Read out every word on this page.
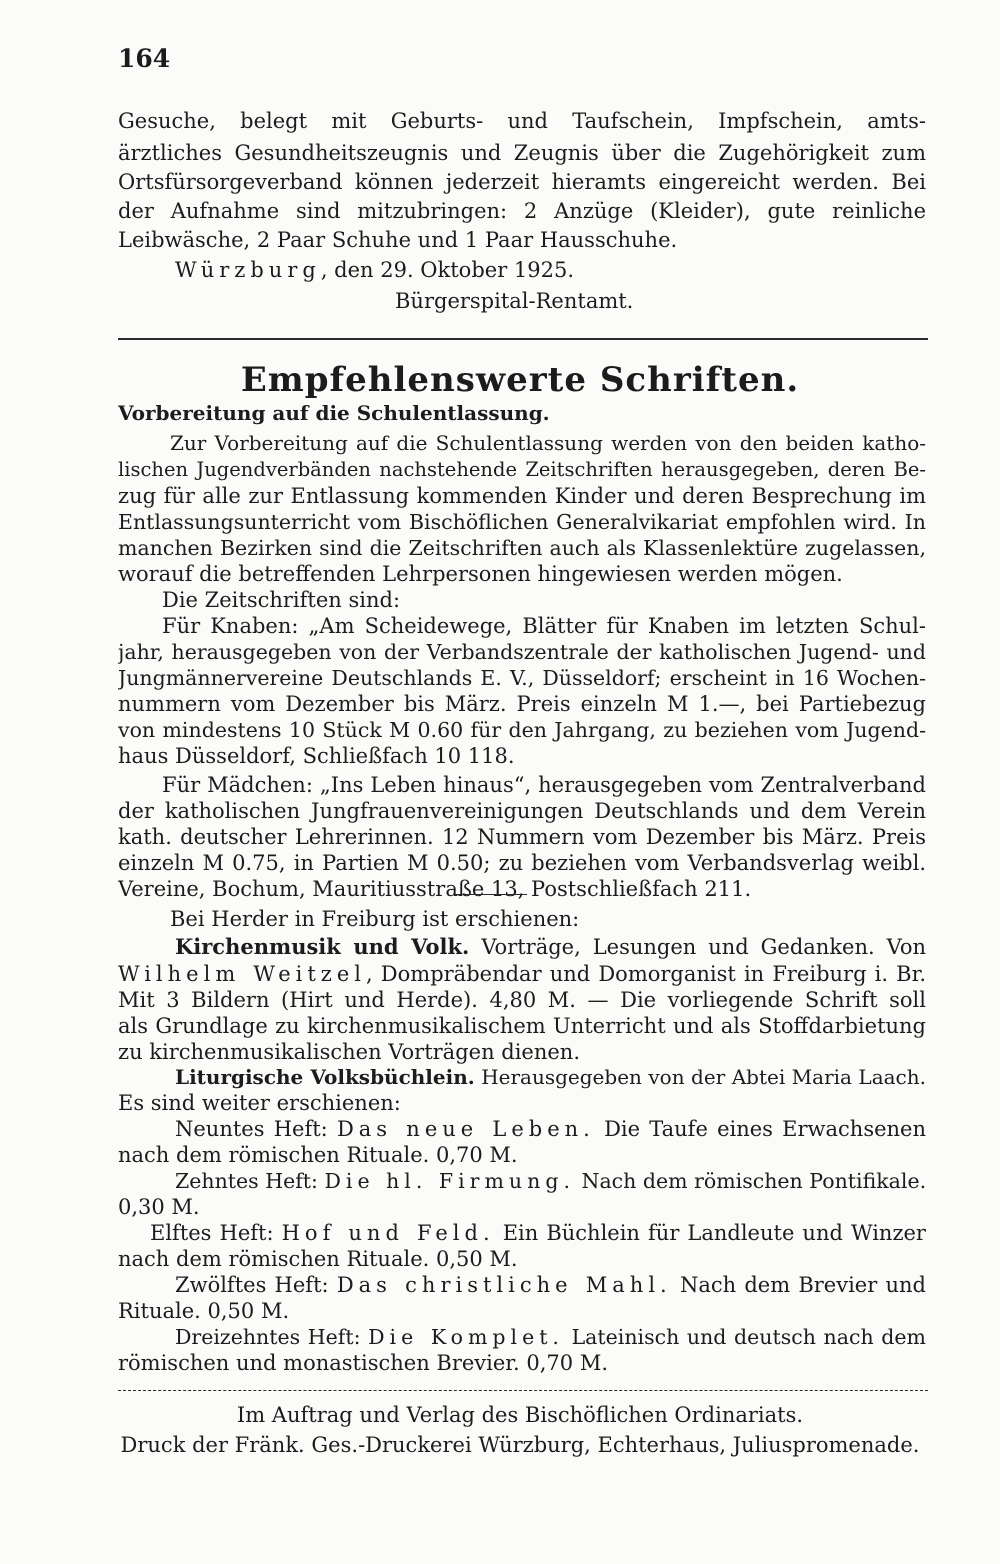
164
Gesuche, belegt mit Geburts- und Taufschein, Impfschein, amts-
ärztliches Gesundheitszeugnis und Zeugnis über die Zugehörigkeit zum
Ortsfürsorgeverband können jederzeit hieramts eingereicht werden. Bei
der Aufnahme sind mitzubringen: 2 Anzüge (Kleider), gute reinliche
Leibwäsche, 2 Paar Schuhe und 1 Paar Hausschuhe.
Würzburg, den 29. Oktober 1925.
Bürgerspital-Rentamt.
Empfehlenswerte Schriften.
Vorbereitung auf die Schulentlassung.
Zur Vorbereitung auf die Schulentlassung werden von den beiden katho-
lischen Jugendverbänden nachstehende Zeitschriften herausgegeben, deren Be-
zug für alle zur Entlassung kommenden Kinder und deren Besprechung im
Entlassungsunterricht vom Bischöflichen Generalvikariat empfohlen wird. In
manchen Bezirken sind die Zeitschriften auch als Klassenlektüre zugelassen,
worauf die betreffenden Lehrpersonen hingewiesen werden mögen.
Die Zeitschriften sind:
Für Knaben: „Am Scheidewege, Blätter für Knaben im letzten Schul-
jahr, herausgegeben von der Verbandszentrale der katholischen Jugend- und
Jungmännervereine Deutschlands E. V., Düsseldorf; erscheint in 16 Wochen-
nummern vom Dezember bis März. Preis einzeln M 1.—, bei Partiebezug
von mindestens 10 Stück M 0.60 für den Jahrgang, zu beziehen vom Jugend-
haus Düsseldorf, Schließfach 10 118.
Für Mädchen: „Ins Leben hinaus“, herausgegeben vom Zentralverband
der katholischen Jungfrauenvereinigungen Deutschlands und dem Verein
kath. deutscher Lehrerinnen. 12 Nummern vom Dezember bis März. Preis
einzeln M 0.75, in Partien M 0.50; zu beziehen vom Verbandsverlag weibl.
Vereine, Bochum, Mauritiusstraße 13, Postschließfach 211.
Bei Herder in Freiburg ist erschienen:
Kirchenmusik und Volk. Vorträge, Lesungen und Gedanken. Von
Wilhelm Weitzel, Dompräbendar und Domorganist in Freiburg i. Br.
Mit 3 Bildern (Hirt und Herde). 4,80 M. — Die vorliegende Schrift soll
als Grundlage zu kirchenmusikalischem Unterricht und als Stoffdarbietung
zu kirchenmusikalischen Vorträgen dienen.
Liturgische Volksbüchlein. Herausgegeben von der Abtei Maria Laach.
Es sind weiter erschienen:
Neuntes Heft: Das neue Leben. Die Taufe eines Erwachsenen
nach dem römischen Rituale. 0,70 M.
Zehntes Heft: Die hl. Firmung. Nach dem römischen Pontifikale.
0,30 M.
Elftes Heft: Hof und Feld. Ein Büchlein für Landleute und Winzer
nach dem römischen Rituale. 0,50 M.
Zwölftes Heft: Das christliche Mahl. Nach dem Brevier und
Rituale. 0,50 M.
Dreizehntes Heft: Die Komplet. Lateinisch und deutsch nach dem
römischen und monastischen Brevier. 0,70 M.
Im Auftrag und Verlag des Bischöflichen Ordinariats.
Druck der Fränk. Ges.-Druckerei Würzburg, Echterhaus, Juliuspromenade.
